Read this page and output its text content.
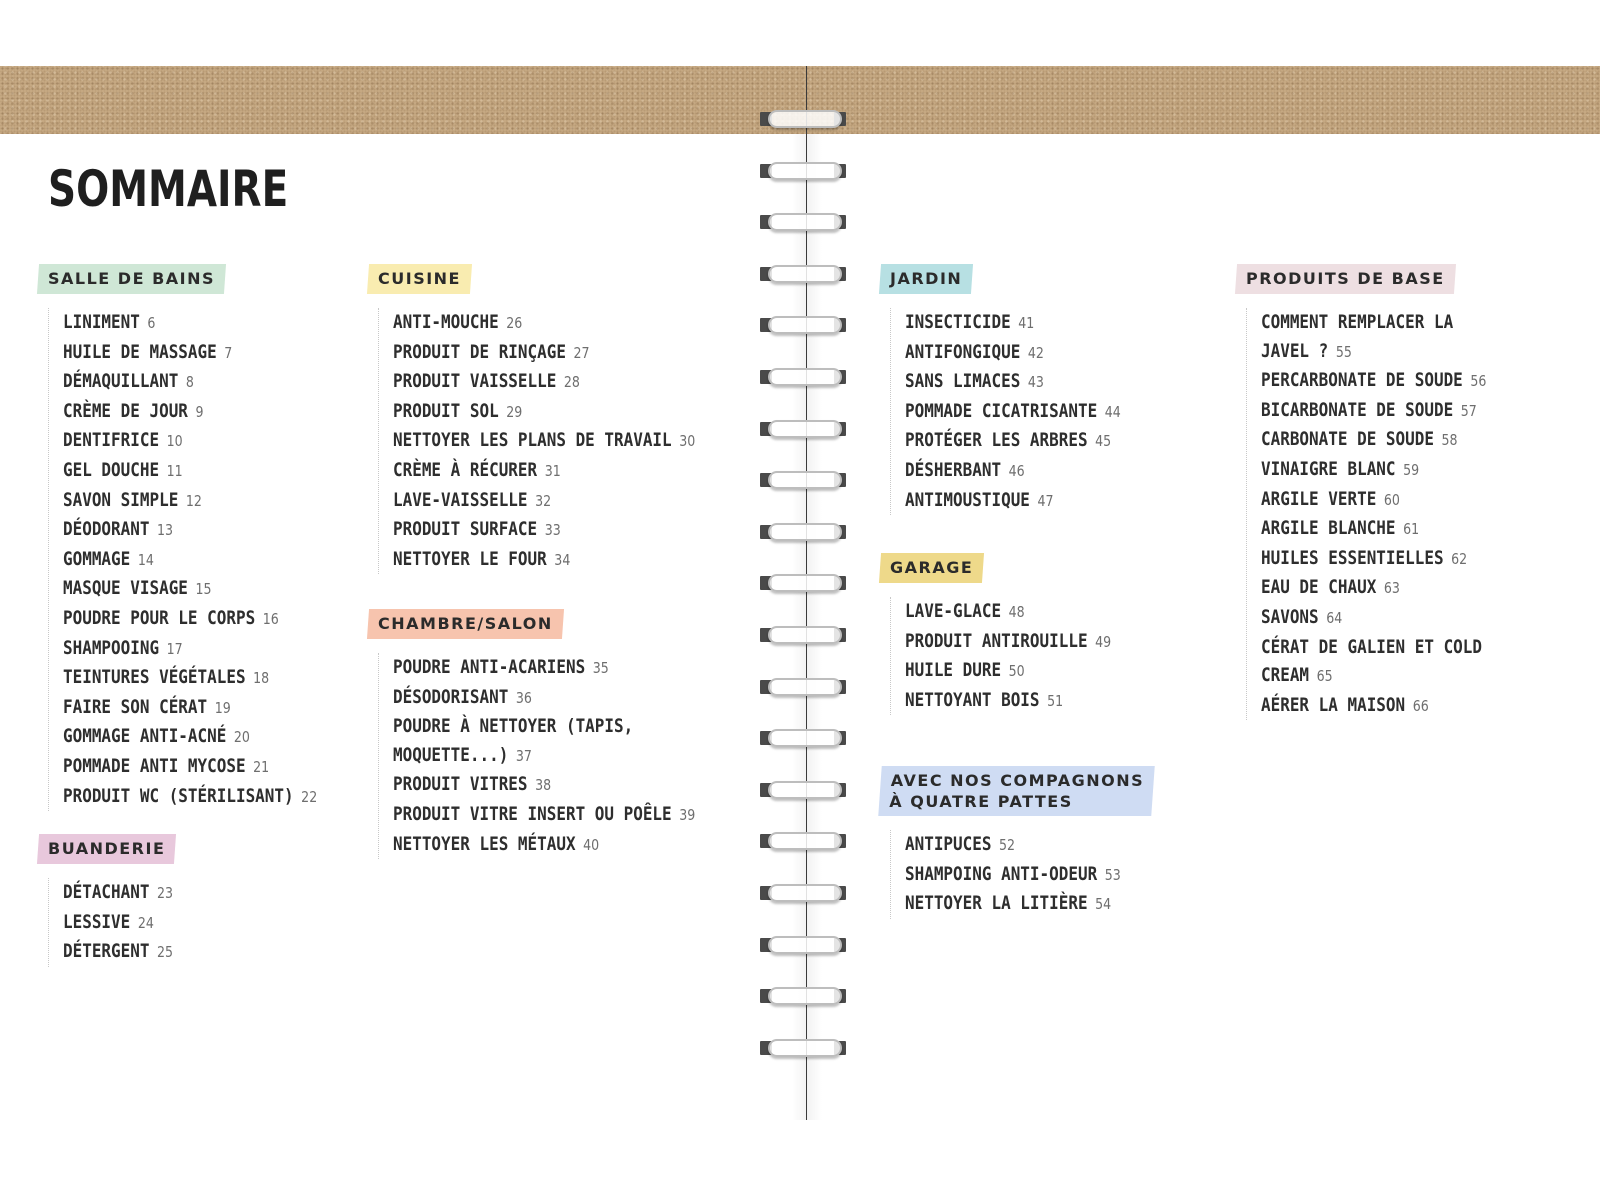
SOMMAIRE
SALLE DE BAINS
LINIMENT 6
HUILE DE MASSAGE 7
DÉMAQUILLANT 8
CRÈME DE JOUR 9
DENTIFRICE 10
GEL DOUCHE 11
SAVON SIMPLE 12
DÉODORANT 13
GOMMAGE 14
MASQUE VISAGE 15
POUDRE POUR LE CORPS 16
SHAMPOOING 17
TEINTURES VÉGÉTALES 18
FAIRE SON CÉRAT 19
GOMMAGE ANTI-ACNÉ 20
POMMADE ANTI MYCOSE 21
PRODUIT WC (STÉRILISANT) 22
BUANDERIE
DÉTACHANT 23
LESSIVE 24
DÉTERGENT 25
CUISINE
ANTI-MOUCHE 26
PRODUIT DE RINÇAGE 27
PRODUIT VAISSELLE 28
PRODUIT SOL 29
NETTOYER LES PLANS DE TRAVAIL 30
CRÈME À RÉCURER 31
LAVE-VAISSELLE 32
PRODUIT SURFACE 33
NETTOYER LE FOUR 34
CHAMBRE/SALON
POUDRE ANTI-ACARIENS 35
DÉSODORISANT 36
POUDRE À NETTOYER (TAPIS,
MOQUETTE...) 37
PRODUIT VITRES 38
PRODUIT VITRE INSERT OU POÊLE 39
NETTOYER LES MÉTAUX 40
JARDIN
INSECTICIDE 41
ANTIFONGIQUE 42
SANS LIMACES 43
POMMADE CICATRISANTE 44
PROTÉGER LES ARBRES 45
DÉSHERBANT 46
ANTIMOUSTIQUE 47
GARAGE
LAVE-GLACE 48
PRODUIT ANTIROUILLE 49
HUILE DURE 50
NETTOYANT BOIS 51
AVEC NOS COMPAGNONS
À QUATRE PATTES
ANTIPUCES 52
SHAMPOING ANTI-ODEUR 53
NETTOYER LA LITIÈRE 54
PRODUITS DE BASE
COMMENT REMPLACER LA
JAVEL ? 55
PERCARBONATE DE SOUDE 56
BICARBONATE DE SOUDE 57
CARBONATE DE SOUDE 58
VINAIGRE BLANC 59
ARGILE VERTE 60
ARGILE BLANCHE 61
HUILES ESSENTIELLES 62
EAU DE CHAUX 63
SAVONS 64
CÉRAT DE GALIEN ET COLD
CREAM 65
AÉRER LA MAISON 66
